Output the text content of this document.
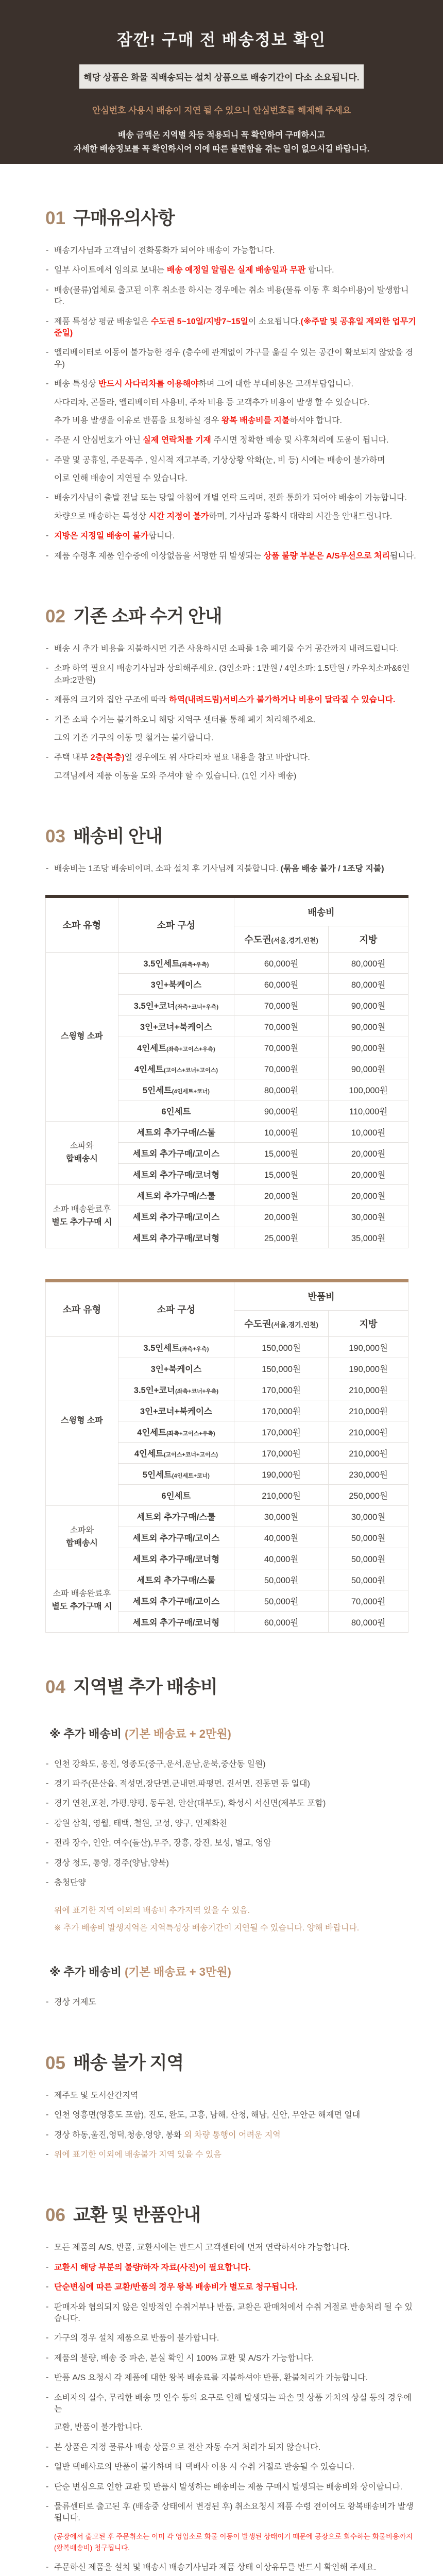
잠깐! 구매 전 배송정보 확인
해당 상품은 화물 직배송되는 설치 상품으로 배송기간이 다소 소요됩니다.
안심번호 사용시 배송이 지연 될 수 있으니 안심번호를 해제해 주세요
배송 금액은 지역별 차등 적용되니 꼭 확인하여 구매하시고
자세한 배송정보를 꼭 확인하시어 이에 따른 불편함을 겪는 일이 없으시길 바랍니다.
01 구매유의사항
- 배송기사님과 고객님이 전화통화가 되어야 배송이 가능합니다.
- 일부 사이트에서 임의로 보내는 배송 예정일 알림은 실제 배송일과 무관 합니다.
- 배송(물류)업체로 출고된 이후 취소를 하시는 경우에는 취소 비용(물류 이동 후 회수비용)이 발생합니다.
- 제품 특성상 평균 배송일은 수도권 5~10일/지방7~15일이 소요됩니다.(※주말 및 공휴일 제외한 업무기준일)
- 엘리베이터로 이동이 불가능한 경우 (층수에 관계없이 가구를 옮길 수 있는 공간이 확보되지 않았을 경우)
- 배송 특성상 반드시 사다리차를 이용해야하며 그에 대한 부대비용은 고객부담입니다.
사다리차, 곤돌라, 엘리베이터 사용비, 주차 비용 등 고객추가 비용이 발생 할 수 있습니다.
추가 비용 발생을 이유로 반품을 요청하실 경우 왕복 배송비를 지불하셔야 합니다.
- 주문 시 안심번호가 아닌 실제 연락처를 기재 주시면 정확한 배송 및 사후처리에 도움이 됩니다.
- 주말 및 공휴일, 주문폭주 , 일시적 재고부족, 기상상황 악화(눈, 비 등) 시에는 배송이 불가하며
이로 인해 배송이 지연될 수 있습니다.
- 배송기사님이 출발 전날 또는 당일 아침에 개별 연락 드리며, 전화 통화가 되어야 배송이 가능합니다.
차량으로 배송하는 특성상 시간 지정이 불가하며, 기사님과 통화시 대략의 시간을 안내드립니다.
- 지방은 지정일 배송이 불가합니다.
- 제품 수령후 제품 인수증에 이상없음을 서명한 뒤 발생되는 상품 불량 부분은 A/S우선으로 처리됩니다.
02 기존 소파 수거 안내
- 배송 시 추가 비용을 지불하시면 기존 사용하시던 소파를 1층 폐기물 수거 공간까지 내려드립니다.
- 소파 하역 필요시 배송기사님과 상의해주세요. (3인소파 : 1만원 / 4인소파: 1.5만원 / 카우치소파&6인소파:2만원)
- 제품의 크기와 집안 구조에 따라 하역(내려드림)서비스가 불가하거나 비용이 달라질 수 있습니다.
- 기존 소파 수거는 불가하오니 해당 지역구 센터를 통해 폐기 처리해주세요.
그외 기존 가구의 이동 및 철거는 불가합니다.
- 주택 내부 2층(복층)일 경우에도 위 사다리차 필요 내용을 참고 바랍니다.
고객님께서 제품 이동을 도와 주셔야 할 수 있습니다. (1인 기사 배송)
03 배송비 안내
- 배송비는 1조당 배송비이며, 소파 설치 후 기사님께 지불합니다. (묶음 배송 불가 / 1조당 지불)
소파 유형	소파 구성	배송비	
		수도권(서울,경기,인천)	지방

스윙형 소파	3.5인세트(좌측+우측)	60,000원	80,000원
	3인+북케이스	60,000원	80,000원
	3.5인+코너(좌측+코너+우측)	70,000원	90,000원
	3인+코너+북케이스	70,000원	90,000원
	4인세트(좌측+고이스+우측)	70,000원	90,000원
	4인세트(고이스+코너+고이스)	70,000원	90,000원
	5인세트(4인세트+코너)	80,000원	100,000원
	6인세트	90,000원	110,000원

소파와
합배송시	세트외 추가구매/스툴	10,000원	10,000원
	세트외 추가구매/고이스	15,000원	20,000원
	세트외 추가구매/코너형	15,000원	20,000원

소파 배송완료후
별도 추가구매 시	세트외 추가구매/스툴	20,000원	20,000원
	세트외 추가구매/고이스	20,000원	30,000원
	세트외 추가구매/코너형	25,000원	35,000원
소파 유형	소파 구성	반품비	
		수도권(서울,경기,인천)	지방

스윙형 소파	3.5인세트(좌측+우측)	150,000원	190,000원
	3인+북케이스	150,000원	190,000원
	3.5인+코너(좌측+코너+우측)	170,000원	210,000원
	3인+코너+북케이스	170,000원	210,000원
	4인세트(좌측+고이스+우측)	170,000원	210,000원
	4인세트(고이스+코너+고이스)	170,000원	210,000원
	5인세트(4인세트+코너)	190,000원	230,000원
	6인세트	210,000원	250,000원

소파와
합배송시	세트외 추가구매/스툴	30,000원	30,000원
	세트외 추가구매/고이스	40,000원	50,000원
	세트외 추가구매/코너형	40,000원	50,000원

소파 배송완료후
별도 추가구매 시	세트외 추가구매/스툴	50,000원	50,000원
	세트외 추가구매/고이스	50,000원	70,000원
	세트외 추가구매/코너형	60,000원	80,000원
04 지역별 추가 배송비
※ 추가 배송비 (기본 배송료 + 2만원)
- 인천 강화도, 옹진, 영종도(중구,운서,운남,운북,중산동 일원)
- 경기 파주(문산읍, 적성면,장단면,군내면,파평면, 진서면, 진동면 등 일대)
- 경기 연천,포천, 가평,양평, 동두천, 안산(대부도), 화성시 서신면(제부도 포함)
- 강원 삼척, 영월, 태백, 철원, 고성, 양구, 인제화천
- 전라 장수, 인안, 여수(돌산),무주, 장흥, 강진, 보성, 별고, 영암
- 경상 청도, 통영, 경주(양남,양북)
- 충청단양
위에 표기한 지역 이외의 배송비 추가지역 있을 수 있음.
※ 추가 배송비 발생지역은 지역특성상 배송기간이 지연될 수 있습니다. 양해 바랍니다.
※ 추가 배송비 (기본 배송료 + 3만원)
- 경상 거제도
05 배송 불가 지역
- 제주도 및 도서산간지역
- 인천 영흥면(영흥도 포함), 진도, 완도, 고흥, 남해, 산청, 해남, 신안, 무안군 해제면 일대
- 경상 하동,울진,영덕,청송,영양, 봉화 외 차량 통행이 어려운 지역
- 위에 표기한 이외에 배송불가 지역 있을 수 있음
06 교환 및 반품안내
- 모든 제품의 A/S, 반품, 교환시에는 반드시 고객센터에 먼저 연락하셔야 가능합니다.
- 교환시 해당 부분의 불량/하자 자료(사진)이 필요합니다.
- 단순변심에 따른 교환/반품의 경우 왕복 배송비가 별도로 청구됩니다.
- 판매자와 협의되지 않은 일방적인 수취거부나 반품, 교환은 판매처에서 수취 거절로 반송처리 될 수 있습니다.
- 가구의 경우 설치 제품으로 반품이 불가합니다.
- 제품의 불량, 배송 중 파손, 분실 확인 시 100% 교환 및 A/S가 가능합니다.
- 반품 A/S 요청시 각 제품에 대한 왕복 배송료를 지불하셔야 반품, 환불처리가 가능합니다.
- 소비자의 실수, 무리한 배송 및 인수 등의 요구로 인해 발생되는 파손 및 상품 가치의 상실 등의 경우에는
교환, 반품이 불가합니다.
- 본 상품은 지정 물류사 배송 상품으로 전산 자동 수거 처리가 되지 않습니다.
- 일반 택배사로의 반품이 불가하며 타 택배사 이용 시 수취 거절로 반송될 수 있습니다.
- 단순 변심으로 인한 교환 및 반품시 발생하는 배송비는 제품 구매시 발생되는 배송비와 상이합니다.
- 물류센터로 출고된 후 (배송중 상태에서 변경된 후) 취소요청시 제품 수령 전이여도 왕복배송비가 발생됩니다.
(공장에서 출고된 후 주문취소는 이미 각 영업소로 화물 이동이 발생된 상태이기 때문에 공장으로 회수하는 화물비용까지(왕복배송비) 청구됩니다.
- 주문하신 제품을 설치 및 배송시 배송기사님과 제품 상태 이상유무를 반드시 확인해 주세요.
